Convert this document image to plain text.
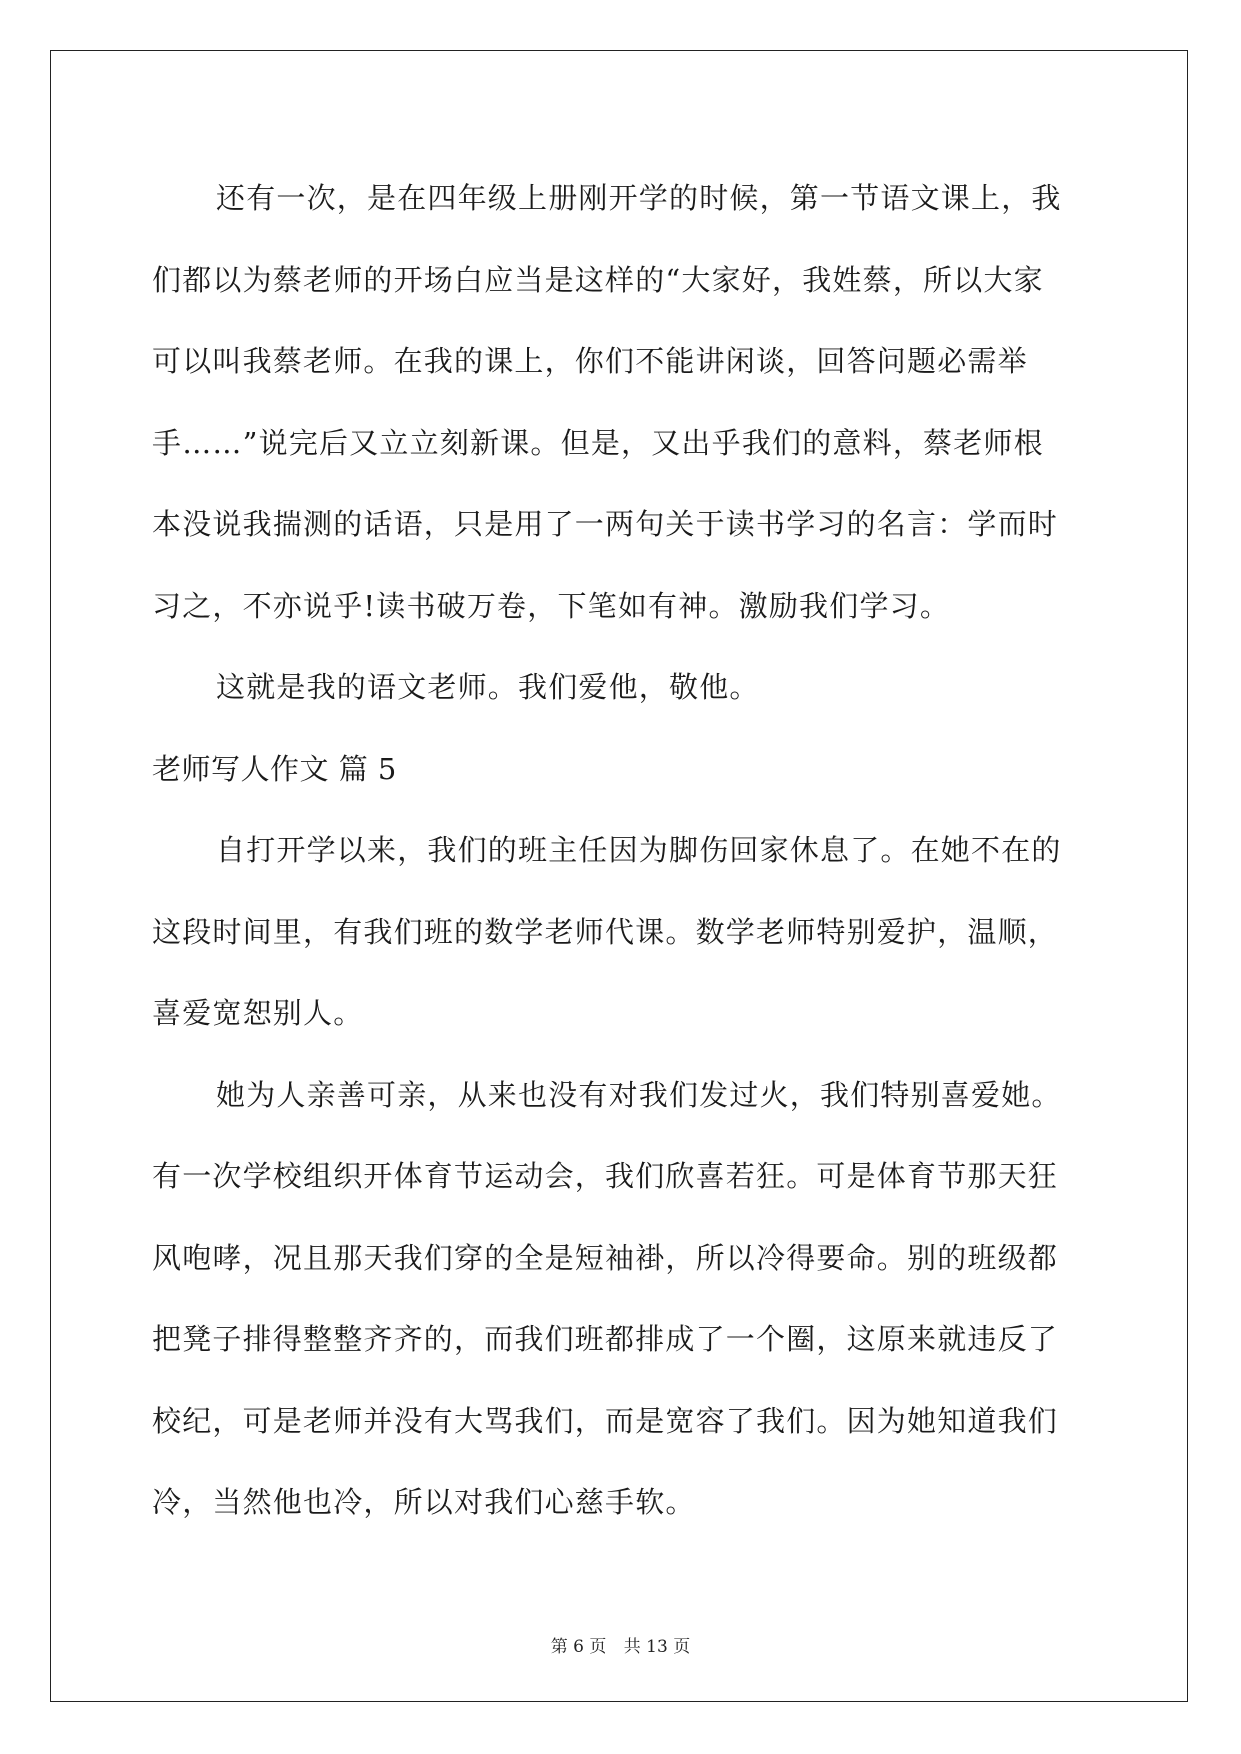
还有一次，是在四年级上册刚开学的时候，第一节语文课上，我
们都以为蔡老师的开场白应当是这样的“大家好，我姓蔡，所以大家
可以叫我蔡老师。在我的课上，你们不能讲闲谈，回答问题必需举
手……”说完后又立立刻新课。但是，又出乎我们的意料，蔡老师根
本没说我揣测的话语，只是用了一两句关于读书学习的名言：学而时
习之，不亦说乎!读书破万卷，下笔如有神。激励我们学习。
这就是我的语文老师。我们爱他，敬他。
老师写人作文 篇 5
自打开学以来，我们的班主任因为脚伤回家休息了。在她不在的
这段时间里，有我们班的数学老师代课。数学老师特别爱护，温顺，
喜爱宽恕别人。
她为人亲善可亲，从来也没有对我们发过火，我们特别喜爱她。
有一次学校组织开体育节运动会，我们欣喜若狂。可是体育节那天狂
风咆哮，况且那天我们穿的全是短袖褂，所以冷得要命。别的班级都
把凳子排得整整齐齐的，而我们班都排成了一个圈，这原来就违反了
校纪，可是老师并没有大骂我们，而是宽容了我们。因为她知道我们
冷，当然他也冷，所以对我们心慈手软。
第 6 页 共 13 页
